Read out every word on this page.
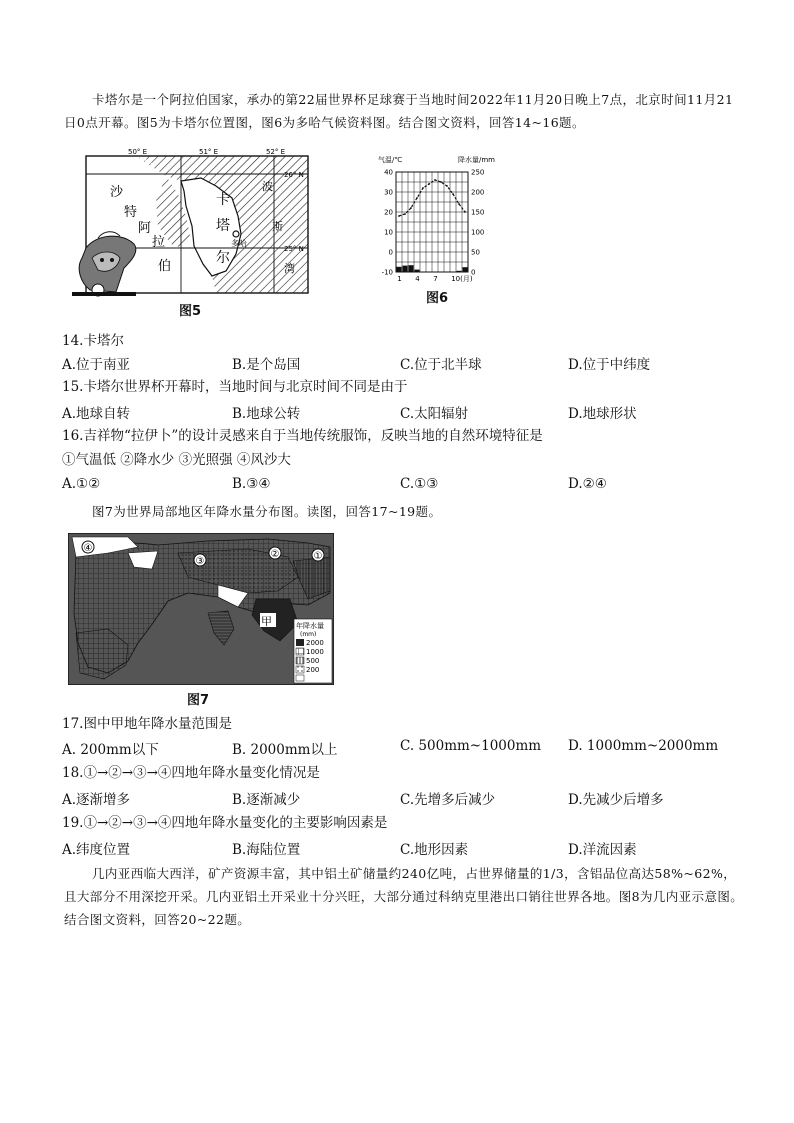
卡塔尔是一个阿拉伯国家，承办的第22届世界杯足球赛于当地时间2022年11月20日晚上7点，北京时间11月21日0点开幕。图5为卡塔尔位置图，图6为多哈气候资料图。结合图文资料，回答14~16题。
50° E	51° E	52° E
26° N
25° N
沙
特
阿
拉
伯
卡
塔
尔
多哈
波
斯
湾
图5
气温/℃	降水量/mm
40
30
20
10
0
-10
250
200
150
100
50
0
1 4 7 10(月)
图6
14.卡塔尔
A.位于南亚	B.是个岛国	C.位于北半球	D.位于中纬度
15.卡塔尔世界杯开幕时，当地时间与北京时间不同是由于
A.地球自转	B.地球公转	C.太阳辐射	D.地球形状
16.吉祥物“拉伊卜”的设计灵感来自于当地传统服饰，反映当地的自然环境特征是
①气温低 ②降水少 ③光照强 ④风沙大
A.①②	B.③④	C.①③	D.②④
图7为世界局部地区年降水量分布图。读图，回答17~19题。
④
③
②	①
甲	年降水量
(mm)
2000
1000
500
200
图7
17.图中甲地年降水量范围是
A. 200mm以下	B. 2000mm以上	C. 500mm~1000mm D. 1000mm~2000mm
18.①→②→③→④四地年降水量变化情况是
A.逐渐增多	B.逐渐减少	C.先增多后减少	D.先减少后增多
19.①→②→③→④四地年降水量变化的主要影响因素是
A.纬度位置	B.海陆位置	C.地形因素	D.洋流因素
几内亚西临大西洋，矿产资源丰富，其中铝土矿储量约240亿吨，占世界储量的1/3，含铝品位高达58%~62%，且大部分不用深挖开采。几内亚铝土开采业十分兴旺，大部分通过科纳克里港出口销往世界各地。图8为几内亚示意图。结合图文资料，回答20~22题。
